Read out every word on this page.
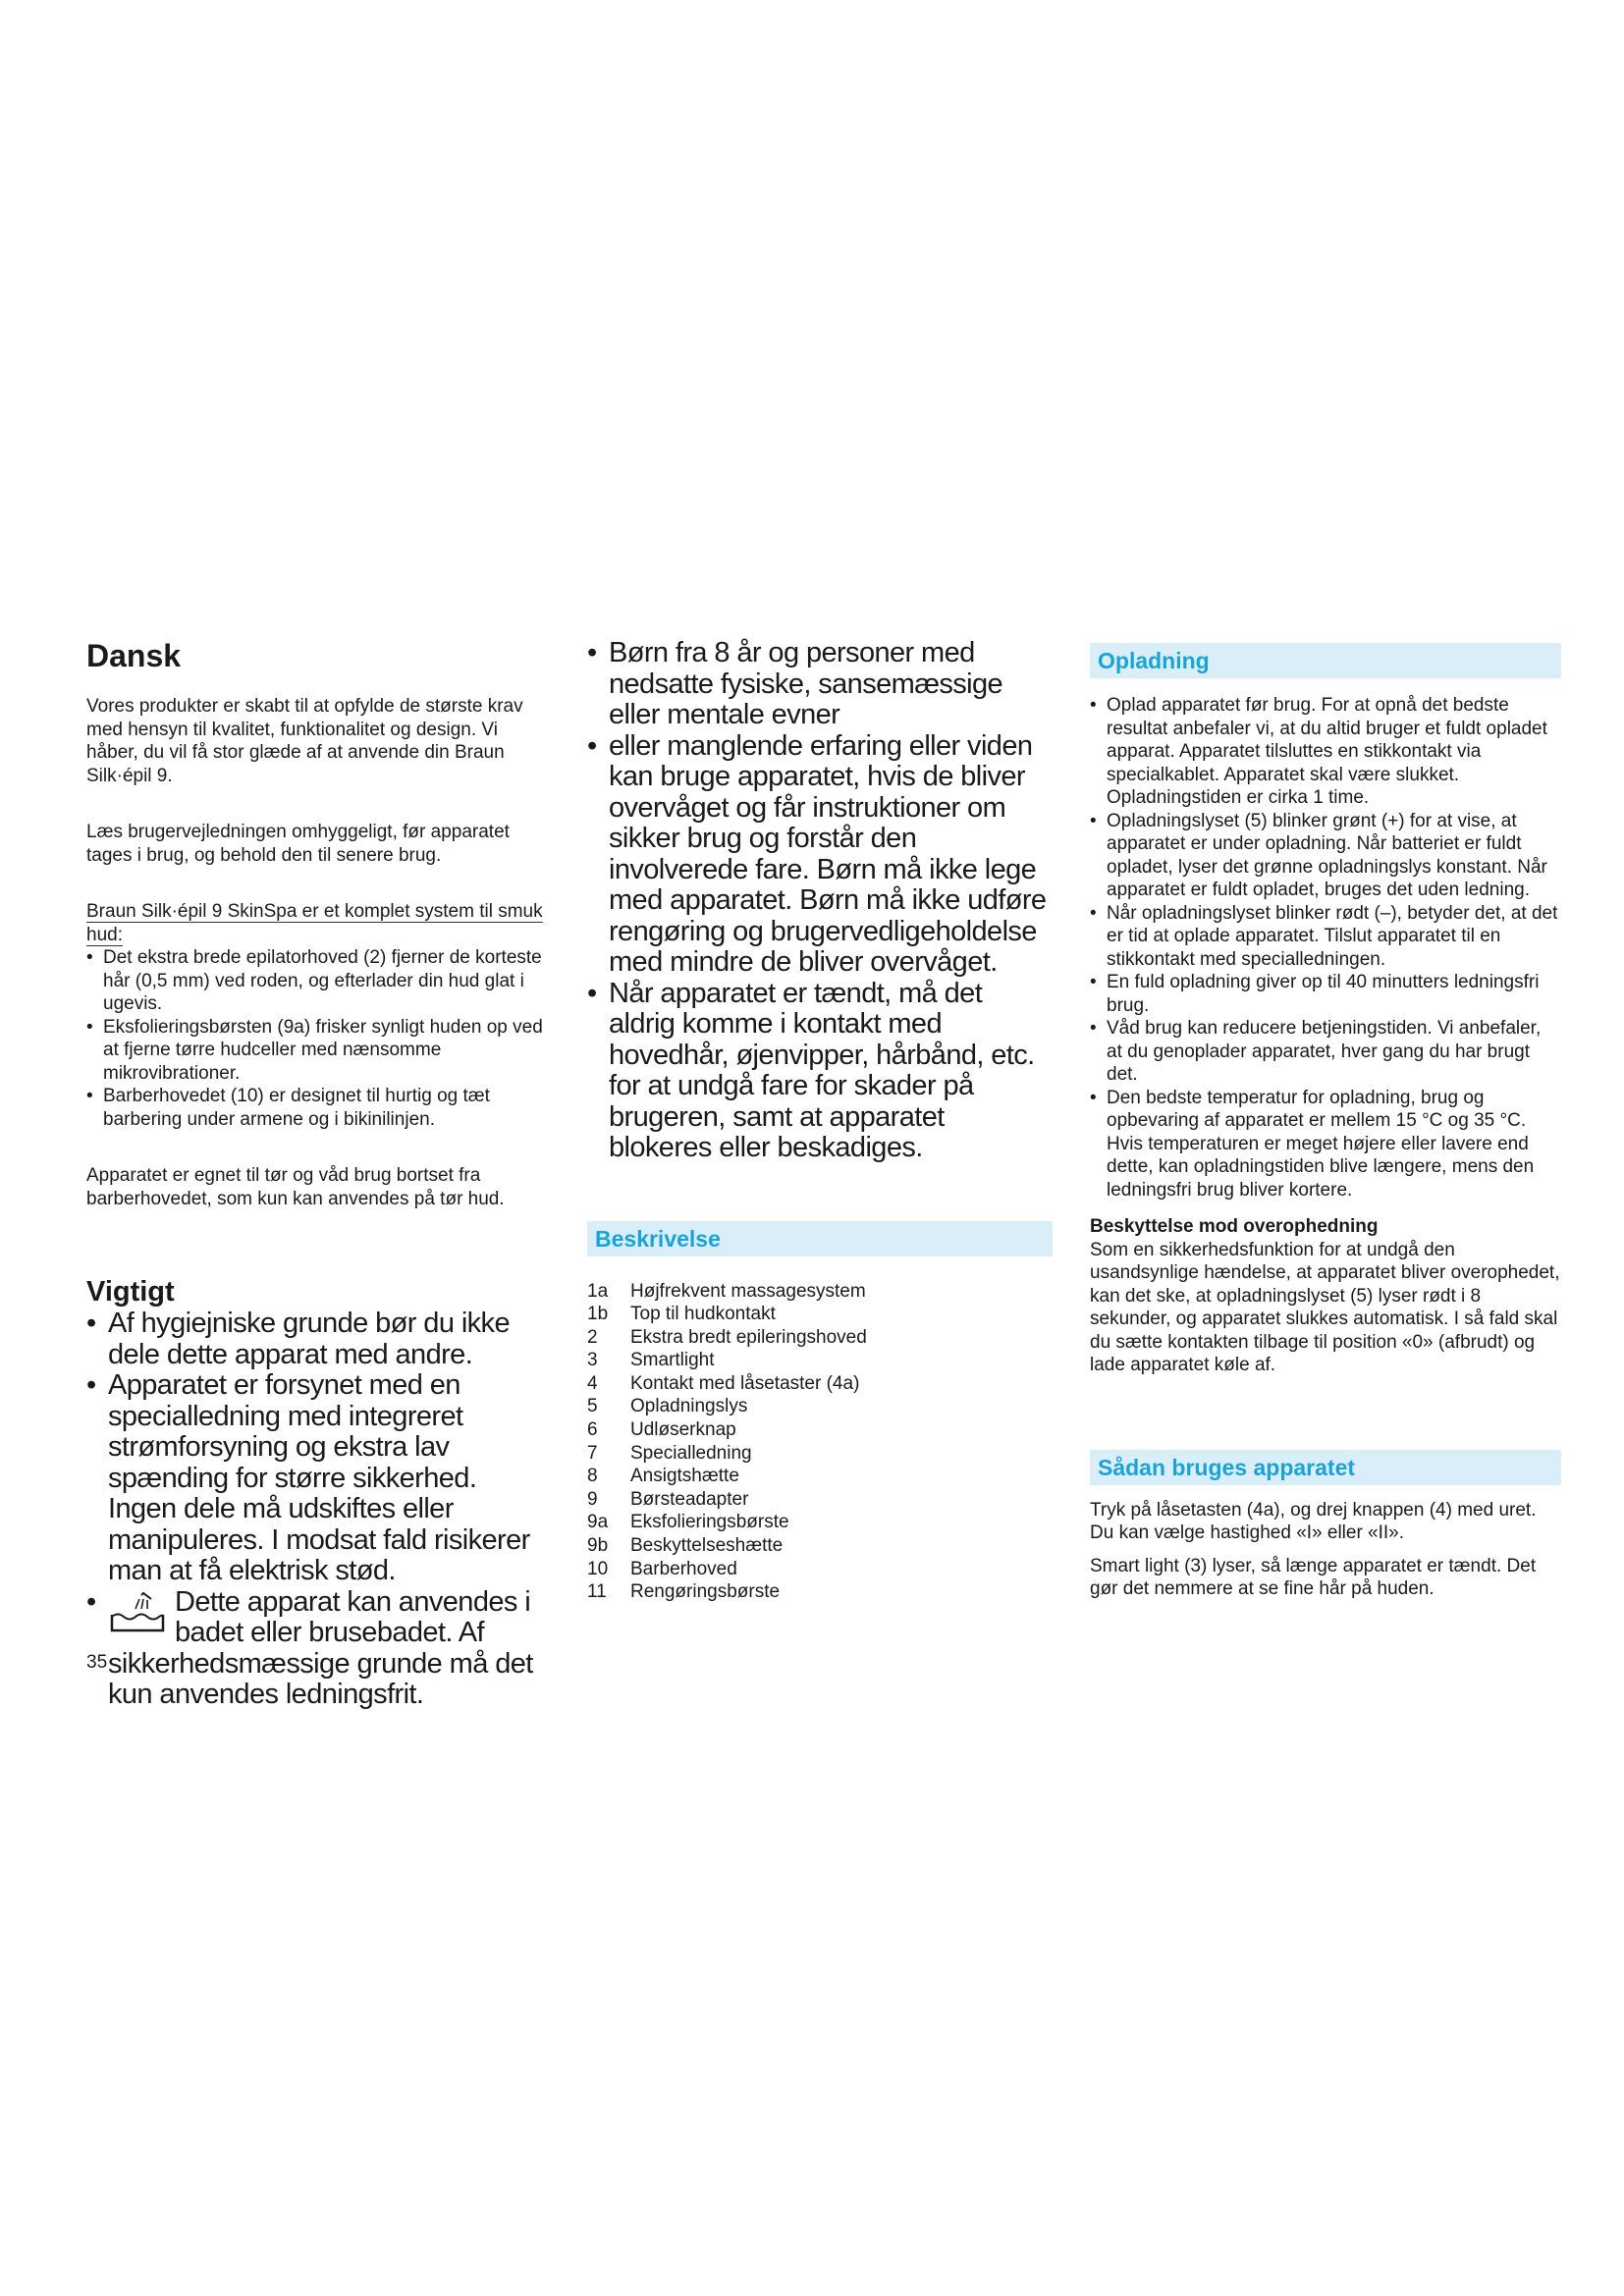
Dansk

Vores produkter er skabt til at opfylde de største krav med hensyn til kvalitet, funktionalitet og design. Vi håber, du vil få stor glæde af at anvende din Braun Silk·épil 9.

Læs brugervejledningen omhyggeligt, før apparatet tages i brug, og behold den til senere brug.

Braun Silk·épil 9 SkinSpa er et komplet system til smuk hud:

• Det ekstra brede epilatorhoved (2) fjerner de korteste hår (0,5 mm) ved roden, og efterlader din hud glat i ugevis.
• Eksfolieringsbørsten (9a) frisker synligt huden op ved at fjerne tørre hudceller med nænsomme mikrovibrationer.
• Barberhovedet (10) er designet til hurtig og tæt barbering under armene og i bikinilinjen.

Apparatet er egnet til tør og våd brug bortset fra barberhovedet, som kun kan anvendes på tør hud.

Vigtigt
• Af hygiejniske grunde bør du ikke dele dette apparat med andre.
• Apparatet er forsynet med en specialledning med integreret strømforsyning og ekstra lav spænding for større sikkerhed. Ingen dele må udskiftes eller manipuleres. I modsat fald risikerer man at få elektrisk stød.
• Dette apparat kan anvendes i badet eller brusebadet. Af sikkerhedsmæssige grunde må det kun anvendes ledningsfrit.
35
• Børn fra 8 år og personer med nedsatte fysiske, sansemæssige eller mentale evner
• eller manglende erfaring eller viden kan bruge apparatet, hvis de bliver overvåget og får instruktioner om sikker brug og forstår den involverede fare. Børn må ikke lege med apparatet. Børn må ikke udføre rengøring og brugervedligeholdelse med mindre de bliver overvåget.
• Når apparatet er tændt, må det aldrig komme i kontakt med hovedhår, øjenvipper, hårbånd, etc. for at undgå fare for skader på brugeren, samt at apparatet blokeres eller beskadiges.
Beskrivelse
1a	Højfrekvent massagesystem
1b	Top til hudkontakt
2	Ekstra bredt epileringshoved
3	Smartlight
4	Kontakt med låsetaster (4a)
5	Opladningslys
6	Udløserknap
7	Specialledning
8	Ansigtshætte
9	Børsteadapter
9a	Eksfolieringsbørste
9b	Beskyttelseshætte
10	Barberhoved
11	Rengøringsbørste
Opladning
• Oplad apparatet før brug. For at opnå det bedste resultat anbefaler vi, at du altid bruger et fuldt opladet apparat. Apparatet tilsluttes en stikkontakt via specialkablet. Apparatet skal være slukket. Opladningstiden er cirka 1 time.
• Opladningslyset (5) blinker grønt (+) for at vise, at apparatet er under opladning. Når batteriet er fuldt opladet, lyser det grønne opladningslys konstant. Når apparatet er fuldt opladet, bruges det uden ledning.
• Når opladningslyset blinker rødt (–), betyder det, at det er tid at oplade apparatet. Tilslut apparatet til en stikkontakt med specialledningen.
• En fuld opladning giver op til 40 minutters ledningsfri brug.
• Våd brug kan reducere betjeningstiden. Vi anbefaler, at du genoplader apparatet, hver gang du har brugt det.
• Den bedste temperatur for opladning, brug og opbevaring af apparatet er mellem 15 °C og 35 °C. Hvis temperaturen er meget højere eller lavere end dette, kan opladningstiden blive længere, mens den ledningsfri brug bliver kortere.

Beskyttelse mod overophedning

Som en sikkerhedsfunktion for at undgå den usandsynlige hændelse, at apparatet bliver overophedet, kan det ske, at opladningslyset (5) lyser rødt i 8 sekunder, og apparatet slukkes automatisk. I så fald skal du sætte kontakten tilbage til position «0» (afbrudt) og lade apparatet køle af.

Sådan bruges apparatet

Tryk på låsetasten (4a), og drej knappen (4) med uret. Du kan vælge hastighed «I» eller «II».

Smart light (3) lyser, så længe apparatet er tændt. Det gør det nemmere at se fine hår på huden.
